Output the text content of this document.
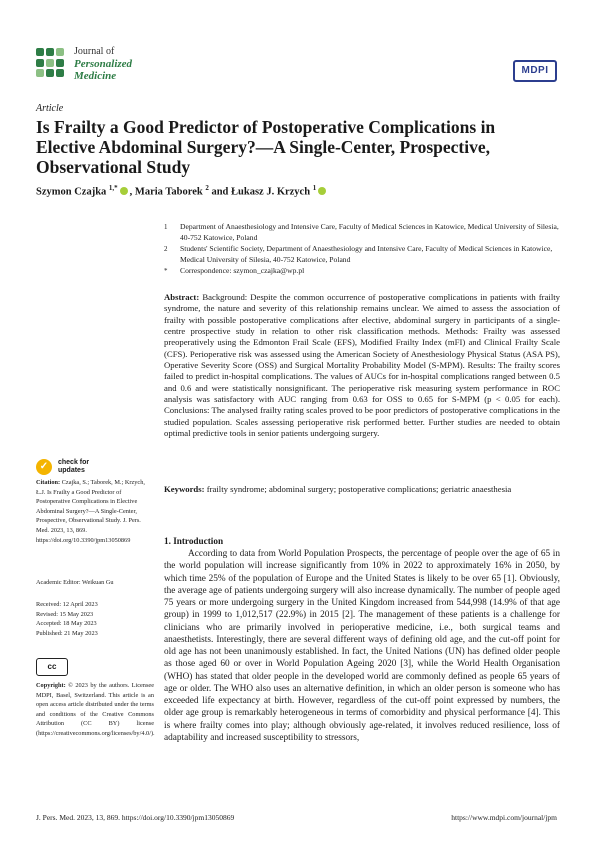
Journal of
Personalized
Medicine	MDPI
Article
Is Frailty a Good Predictor of Postoperative Complications in Elective Abdominal Surgery?—A Single-Center, Prospective, Observational Study
Szymon Czajka $^{1,*}$ , Maria Taborek $^2$ and Łukasz J. Krzych $^1$
1	Department of Anaesthesiology and Intensive Care, Faculty of Medical Sciences in Katowice, Medical University of Silesia, 40-752 Katowice, Poland
2	Students' Scientific Society, Department of Anaesthesiology and Intensive Care, Faculty of Medical Sciences in Katowice, Medical University of Silesia, 40-752 Katowice, Poland
*	Correspondence: szymon_czajka@wp.pl
Abstract: Background: Despite the common occurrence of postoperative complications in patients with frailty syndrome, the nature and severity of this relationship remains unclear. We aimed to assess the association of frailty with possible postoperative complications after elective, abdominal surgery in participants of a single-centre prospective study in relation to other risk classification methods. Methods: Frailty was assessed preoperatively using the Edmonton Frail Scale (EFS), Modified Frailty Index (mFI) and Clinical Frailty Scale (CFS). Perioperative risk was assessed using the American Society of Anesthesiology Physical Status (ASA PS), Operative Severity Score (OSS) and Surgical Mortality Probability Model (S-MPM). Results: The frailty scores failed to predict in-hospital complications. The values of AUCs for in-hospital complications ranged between 0.5 and 0.6 and were statistically nonsignificant. The perioperative risk measuring system performance in ROC analysis was satisfactory with AUC ranging from 0.63 for OSS to 0.65 for S-MPM (p < 0.05 for each). Conclusions: The analysed frailty rating scales proved to be poor predictors of postoperative complications in the studied population. Scales assessing perioperative risk performed better. Further studies are needed to obtain optimal predictive tools in senior patients undergoing surgery.
Keywords: frailty syndrome; abdominal surgery; postoperative complications; geriatric anaesthesia
✓ check for
updates
Citation: Czajka, S.; Taborek, M.; Krzych, Ł.J. Is Frailty a Good Predictor of Postoperative Complications in Elective Abdominal Surgery?—A Single-Center, Prospective, Observational Study. J. Pers. Med. 2023, 13, 869. https://doi.org/10.3390/jpm13050869
Academic Editor: Weikuan Gu
Received: 12 April 2023
Revised: 15 May 2023
Accepted: 18 May 2023
Published: 21 May 2023
cc
Copyright: © 2023 by the authors. Licensee MDPI, Basel, Switzerland. This article is an open access article distributed under the terms and conditions of the Creative Commons Attribution (CC BY) license (https://creativecommons.org/licenses/by/4.0/).
1. Introduction

According to data from World Population Prospects, the percentage of people over the age of 65 in the world population will increase significantly from 10% in 2022 to approximately 16% in 2050, by which time 25% of the population of Europe and the United States is likely to be over 65 [1]. Obviously, the average age of patients undergoing surgery will also increase dynamically. The number of people aged 75 years or more undergoing surgery in the United Kingdom increased from 544,998 (14.9% of that age group) in 1999 to 1,012,517 (22.9%) in 2015 [2]. The management of these patients is a challenge for clinicians who are primarily involved in perioperative medicine, i.e., both surgical teams and anaesthetists. Interestingly, there are several different ways of defining old age, and the cut-off point for old age has not been unanimously established. In fact, the United Nations (UN) has defined older people as those aged 60 or over in World Population Ageing 2020 [3], while the World Health Organisation (WHO) has stated that older people in the developed world are commonly defined as people 65 years of age or older. The WHO also uses an alternative definition, in which an older person is someone who has exceeded life expectancy at birth. However, regardless of the cut-off point expressed by numbers, the older age group is remarkably heterogeneous in terms of comorbidity and physical performance [4]. This is where frailty comes into play; although obviously age-related, it involves reduced resilience, loss of adaptability and increased susceptibility to stressors,

J. Pers. Med. 2023, 13, 869. https://doi.org/10.3390/jpm13050869	https://www.mdpi.com/journal/jpm
